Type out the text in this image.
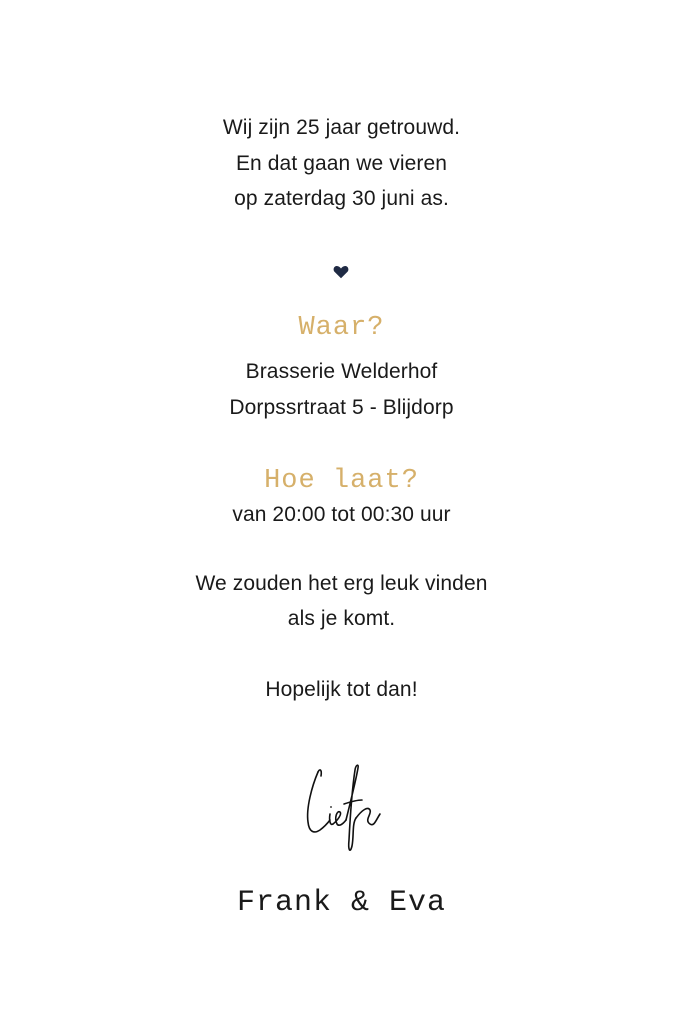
Wij zijn 25 jaar getrouwd.
En dat gaan we vieren
op zaterdag 30 juni as.
Waar?
Brasserie Welderhof
Dorpssrtraat 5 - Blijdorp
Hoe laat?
van 20:00 tot 00:30 uur
We zouden het erg leuk vinden
als je komt.
Hopelijk tot dan!
Frank & Eva
